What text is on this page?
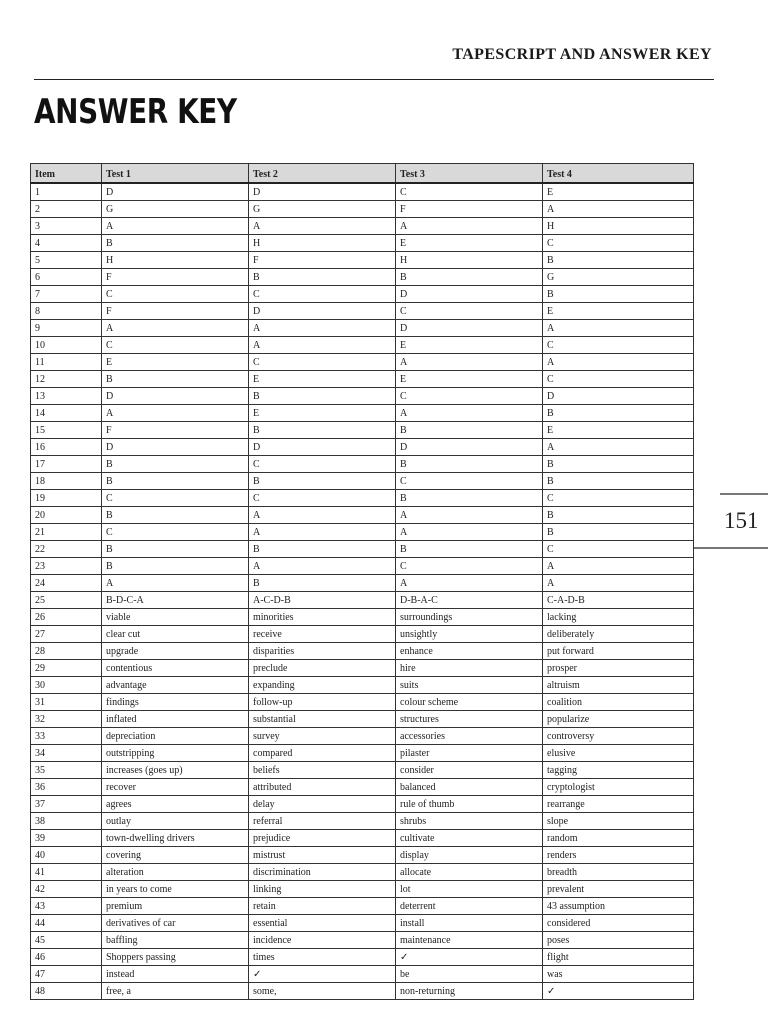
TAPESCRIPT AND ANSWER KEY
ANSWER KEY
151
Item	Test 1	Test 2	Test 3	Test 4
1	D	D	C	E
2	G	G	F	A
3	A	A	A	H
4	B	H	E	C
5	H	F	H	B
6	F	B	B	G
7	C	C	D	B
8	F	D	C	E
9	A	A	D	A
10	C	A	E	C
11	E	C	A	A
12	B	E	E	C
13	D	B	C	D
14	A	E	A	B
15	F	B	B	E
16	D	D	D	A
17	B	C	B	B
18	B	B	C	B
19	C	C	B	C
20	B	A	A	B
21	C	A	A	B
22	B	B	B	C
23	B	A	C	A
24	A	B	A	A
25	B-D-C-A	A-C-D-B	D-B-A-C	C-A-D-B
26	viable	minorities	surroundings	lacking
27	clear cut	receive	unsightly	deliberately
28	upgrade	disparities	enhance	put forward
29	contentious	preclude	hire	prosper
30	advantage	expanding	suits	altruism
31	findings	follow-up	colour scheme	coalition
32	inflated	substantial	structures	popularize
33	depreciation	survey	accessories	controversy
34	outstripping	compared	pilaster	elusive
35	increases (goes up)	beliefs	consider	tagging
36	recover	attributed	balanced	cryptologist
37	agrees	delay	rule of thumb	rearrange
38	outlay	referral	shrubs	slope
39	town-dwelling drivers	prejudice	cultivate	random
40	covering	mistrust	display	renders
41	alteration	discrimination	allocate	breadth
42	in years to come	linking	lot	prevalent
43	premium	retain	deterrent	43 assumption
44	derivatives of car	essential	install	considered
45	baffling	incidence	maintenance	poses
46	Shoppers passing	times	✓	flight
47	instead	✓	be	was
48	free, a	some,	non-returning	✓
